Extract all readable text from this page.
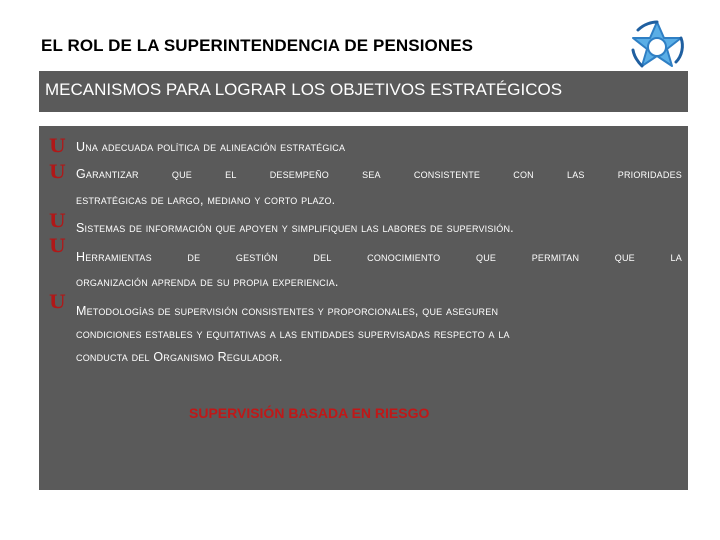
EL ROL DE LA SUPERINTENDENCIA DE PENSIONES
MECANISMOS PARA LOGRAR LOS OBJETIVOS ESTRATÉGICOS
U Una adecuada política de alineación estratégica
U Garantizar	que	el	desempeño	sea	consistente	con	las	prioridades
estratégicas de largo, mediano y corto plazo.
U Sistemas de información que apoyen y simplifiquen las labores de supervisión.
U Herramientas	de	gestión	del	conocimiento	que	permitan	que	la
organización aprenda de su propia experiencia.
U Metodologías de supervisión consistentes y proporcionales, que aseguren
condiciones estables y equitativas a las entidades supervisadas respecto a la
conducta del Organismo Regulador.
SUPERVISIÓN BASADA EN RIESGO
